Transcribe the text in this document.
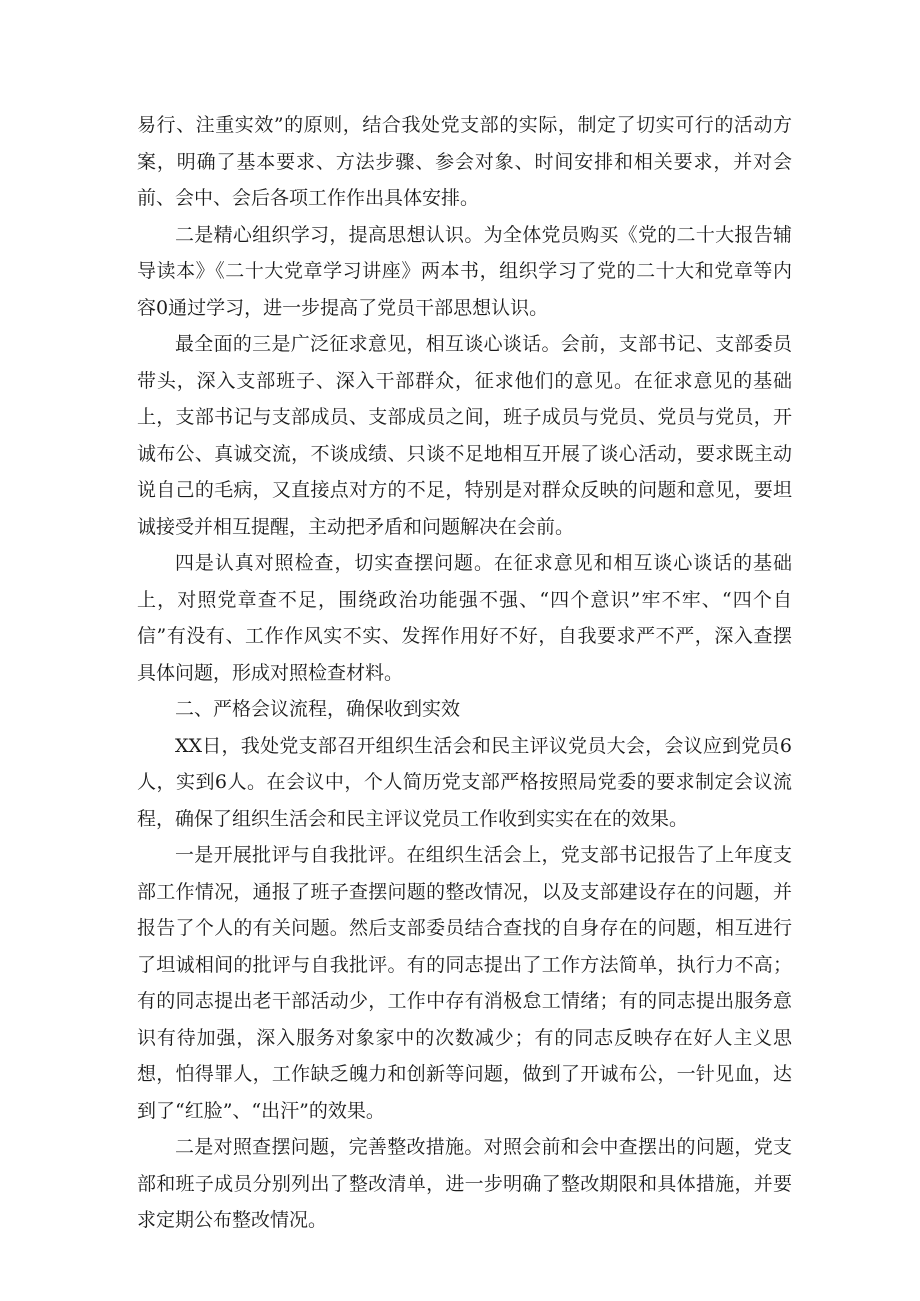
易行、注重实效”的原则，结合我处党支部的实际，制定了切实可行的活动方案，明确了基本要求、方法步骤、参会对象、时间安排和相关要求，并对会前、会中、会后各项工作作出具体安排。

二是精心组织学习，提高思想认识。为全体党员购买《党的二十大报告辅导读本》《二十大党章学习讲座》两本书，组织学习了党的二十大和党章等内容0通过学习，进一步提高了党员干部思想认识。

最全面的三是广泛征求意见，相互谈心谈话。会前，支部书记、支部委员带头，深入支部班子、深入干部群众，征求他们的意见。在征求意见的基础上，支部书记与支部成员、支部成员之间，班子成员与党员、党员与党员，开诚布公、真诚交流，不谈成绩、只谈不足地相互开展了谈心活动，要求既主动说自己的毛病，又直接点对方的不足，特别是对群众反映的问题和意见，要坦诚接受并相互提醒，主动把矛盾和问题解决在会前。

四是认真对照检查，切实查摆问题。在征求意见和相互谈心谈话的基础上，对照党章查不足，围绕政治功能强不强、“四个意识”牢不牢、“四个自信”有没有、工作作风实不实、发挥作用好不好，自我要求严不严，深入查摆具体问题，形成对照检查材料。

二、严格会议流程，确保收到实效

XX日，我处党支部召开组织生活会和民主评议党员大会，会议应到党员6人，实到6人。在会议中，个人简历党支部严格按照局党委的要求制定会议流程，确保了组织生活会和民主评议党员工作收到实实在在的效果。

一是开展批评与自我批评。在组织生活会上，党支部书记报告了上年度支部工作情况，通报了班子查摆问题的整改情况，以及支部建设存在的问题，并报告了个人的有关问题。然后支部委员结合查找的自身存在的问题，相互进行了坦诚相间的批评与自我批评。有的同志提出了工作方法简单，执行力不高；有的同志提出老干部活动少，工作中存有消极怠工情绪；有的同志提出服务意识有待加强，深入服务对象家中的次数减少；有的同志反映存在好人主义思想，怕得罪人，工作缺乏魄力和创新等问题，做到了开诚布公，一针见血，达到了“红脸”、“出汗”的效果。

二是对照查摆问题，完善整改措施。对照会前和会中查摆出的问题，党支部和班子成员分别列出了整改清单，进一步明确了整改期限和具体措施，并要求定期公布整改情况。
